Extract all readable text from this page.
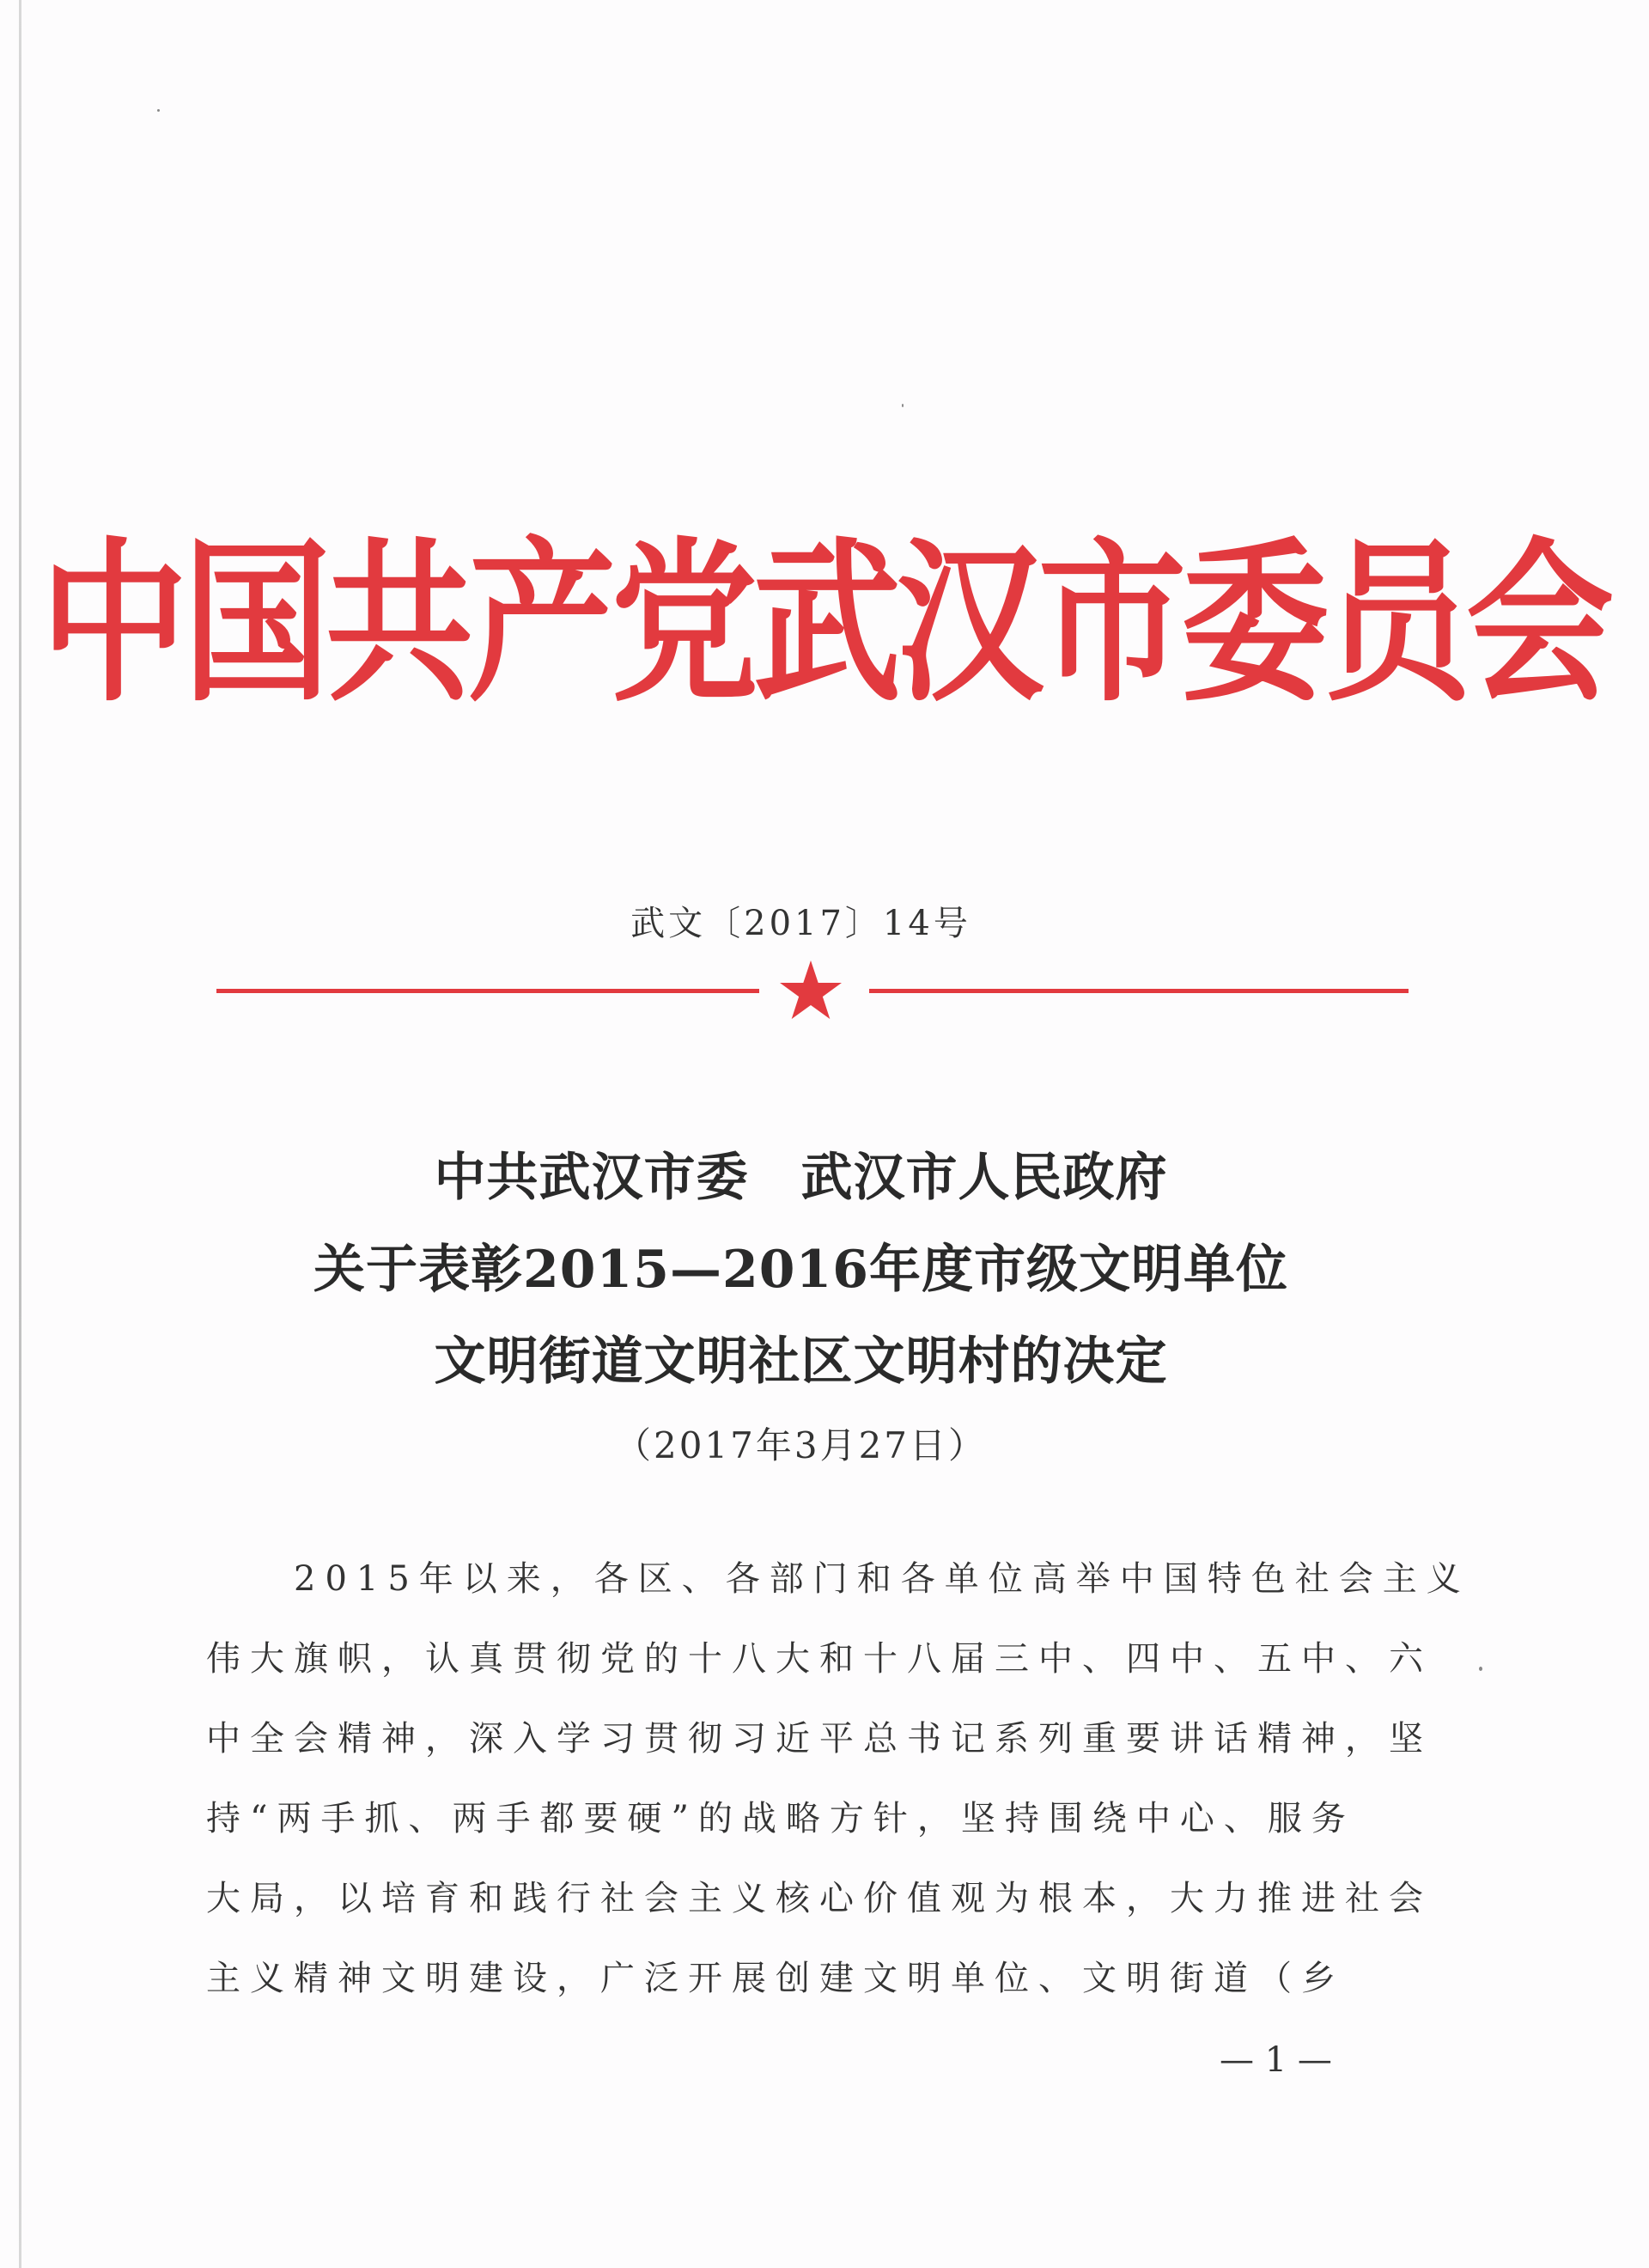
中国共产党武汉市委员会
武文〔2017〕14号
中共武汉市委　武汉市人民政府
关于表彰2015—2016年度市级文明单位
文明街道文明社区文明村的决定
（2017年3月27日）
　　2015年以来，各区、各部门和各单位高举中国特色社会主义
伟大旗帜，认真贯彻党的十八大和十八届三中、四中、五中、六
中全会精神，深入学习贯彻习近平总书记系列重要讲话精神，坚
持“两手抓、两手都要硬”的战略方针，坚持围绕中心、服务
大局，以培育和践行社会主义核心价值观为根本，大力推进社会
主义精神文明建设，广泛开展创建文明单位、文明街道（乡
— 1 —
